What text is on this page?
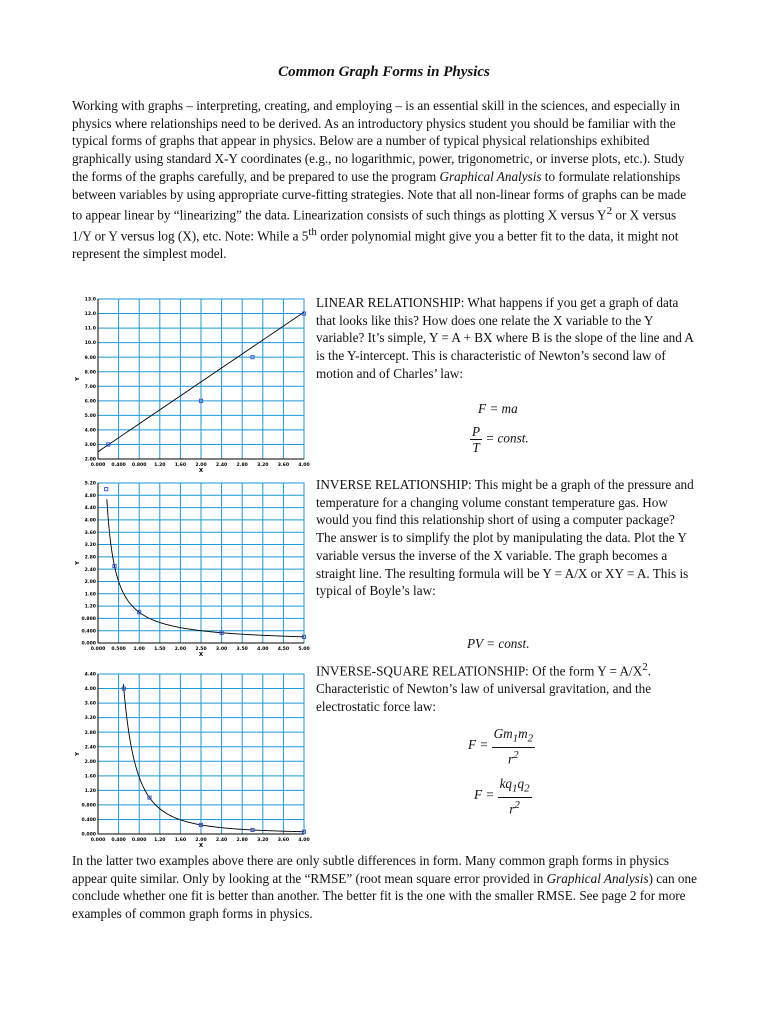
Common Graph Forms in Physics

Working with graphs – interpreting, creating, and employing – is an essential skill in the sciences, and especially in physics where relationships need to be derived. As an introductory physics student you should be familiar with the typical forms of graphs that appear in physics. Below are a number of typical physical relationships exhibited graphically using standard X-Y coordinates (e.g., no logarithmic, power, trigonometric, or inverse plots, etc.). Study the forms of the graphs carefully, and be prepared to use the program Graphical Analysis to formulate relationships between variables by using appropriate curve-fitting strategies. Note that all non-linear forms of graphs can be made to appear linear by “linearizing” the data. Linearization consists of such things as plotting X versus $Y^2$ or X versus 1/Y or Y versus log (X), etc. Note: While a 5th order polynomial might give you a better fit to the data, it might not represent the simplest model.

0.000 0.400 0.800 1.20 1.60 2.00 2.40 2.80 3.20 3.60 4.00
2.00
3.00
4.00
5.00
6.00
7.00
8.00
9.00
10.0
11.0
12.0
13.0
X
Y

LINEAR RELATIONSHIP: What happens if you get a graph of data that looks like this? How does one relate the X variable to the Y variable? It’s simple, Y = A + BX where B is the slope of the line and A is the Y-intercept. This is characteristic of Newton’s second law of motion and of Charles’ law:

F = ma
$\frac{P}{T}$ = const.
0.000 0.500 1.00 1.50 2.00 2.50 3.00 3.50 4.00 4.50 5.00
0.000
0.400
0.800
1.20
1.60
2.00
2.40
2.80
3.20
3.60
4.00
4.40
4.80
5.20
X
Y

INVERSE RELATIONSHIP: This might be a graph of the pressure and temperature for a changing volume constant temperature gas. How would you find this relationship short of using a computer package? The answer is to simplify the plot by manipulating the data. Plot the Y variable versus the inverse of the X variable. The graph becomes a straight line. The resulting formula will be Y = A/X or XY = A. This is typical of Boyle’s law:

PV = const.
0.000 0.400 0.800 1.20 1.60 2.00 2.40 2.80 3.20 3.60 4.00
0.000
0.400
0.800
1.20
1.60
2.00
2.40
2.80
3.20
3.60
4.00
4.40
X
Y

INVERSE-SQUARE RELATIONSHIP: Of the form $Y = A/X^2$. Characteristic of Newton’s law of universal gravitation, and the electrostatic force law:

$F = \frac{Gm_1m_2}{r^2}$
$F = \frac{kq_1q_2}{r^2}$

In the latter two examples above there are only subtle differences in form. Many common graph forms in physics appear quite similar. Only by looking at the “RMSE” (root mean square error provided in Graphical Analysis) can one conclude whether one fit is better than another. The better fit is the one with the smaller RMSE. See page 2 for more examples of common graph forms in physics.
